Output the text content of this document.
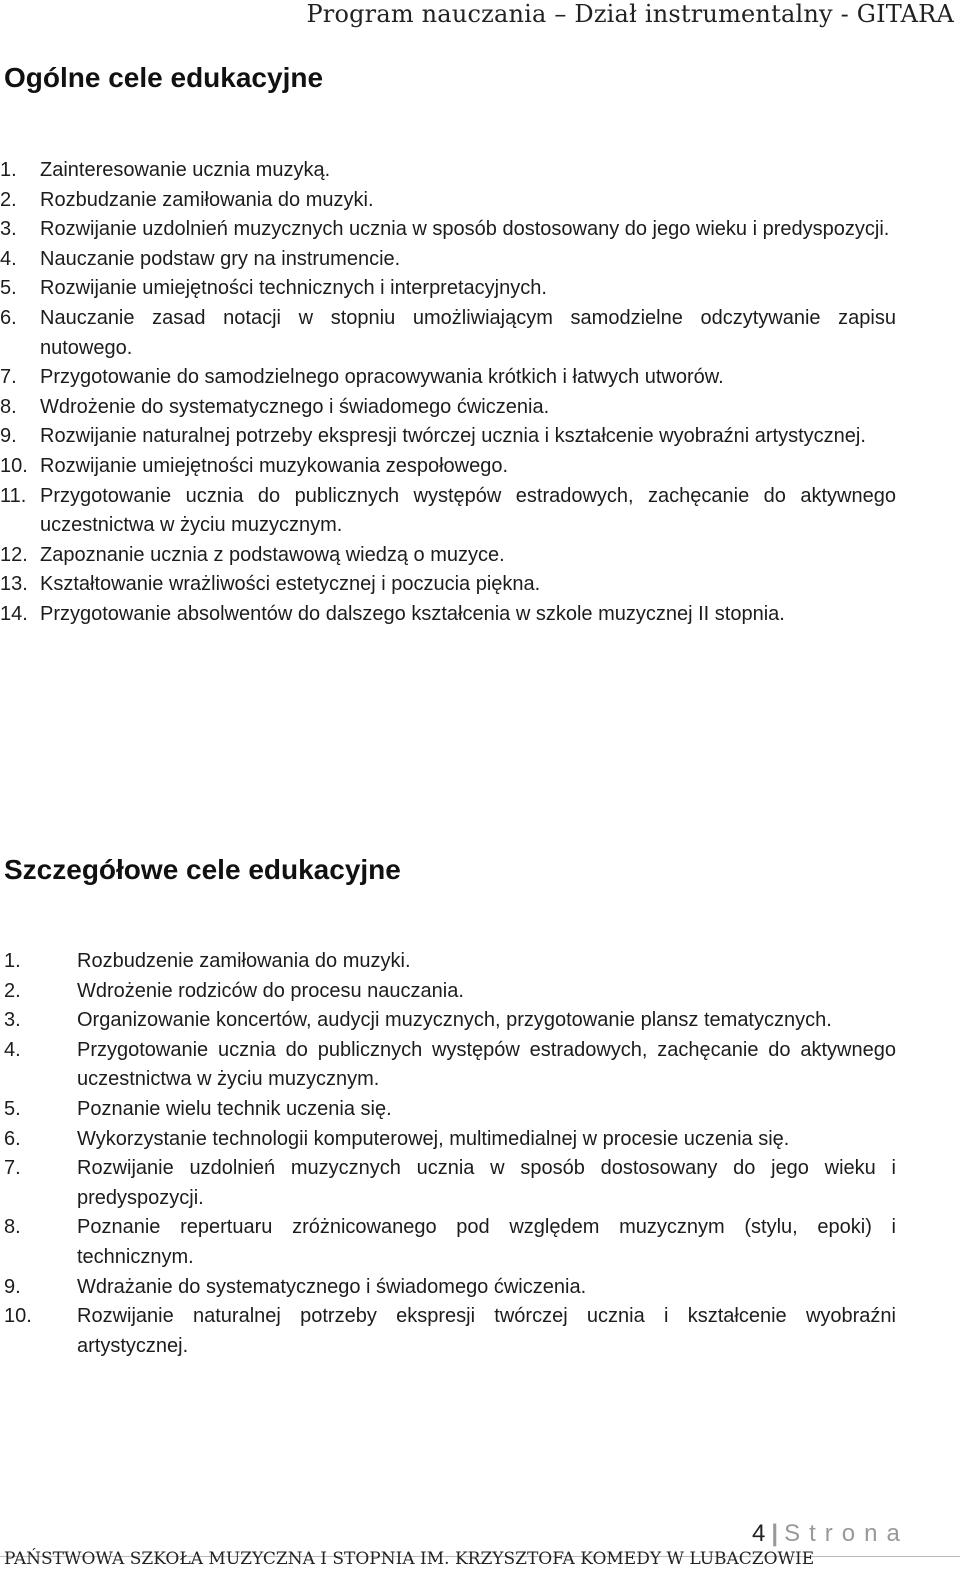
Program nauczania – Dział instrumentalny - GITARA
Ogólne cele edukacyjne
1. Zainteresowanie ucznia muzyką.
2. Rozbudzanie zamiłowania do muzyki.
3. Rozwijanie uzdolnień muzycznych ucznia w sposób dostosowany do jego wieku i predyspozycji.
4. Nauczanie podstaw gry na instrumencie.
5. Rozwijanie umiejętności technicznych i interpretacyjnych.
6. Nauczanie zasad notacji w stopniu umożliwiającym samodzielne odczytywanie zapisu nutowego.
7. Przygotowanie do samodzielnego opracowywania krótkich i łatwych utworów.
8. Wdrożenie do systematycznego i świadomego ćwiczenia.
9. Rozwijanie naturalnej potrzeby ekspresji twórczej ucznia i kształcenie wyobraźni artystycznej.
10. Rozwijanie umiejętności muzykowania zespołowego.
11. Przygotowanie ucznia do publicznych występów estradowych, zachęcanie do aktywnego uczestnictwa w życiu muzycznym.
12. Zapoznanie ucznia z podstawową wiedzą o muzyce.
13. Kształtowanie wrażliwości estetycznej i poczucia piękna.
14. Przygotowanie absolwentów do dalszego kształcenia w szkole muzycznej II stopnia.
Szczegółowe cele edukacyjne
1.	Rozbudzenie zamiłowania do muzyki.
2.	Wdrożenie rodziców do procesu nauczania.
3.	Organizowanie koncertów, audycji muzycznych, przygotowanie plansz tematycznych.
4.	Przygotowanie ucznia do publicznych występów estradowych, zachęcanie do aktywnego uczestnictwa w życiu muzycznym.
5.	Poznanie wielu technik uczenia się.
6.	Wykorzystanie technologii komputerowej, multimedialnej w procesie uczenia się.
7.	Rozwijanie uzdolnień muzycznych ucznia w sposób dostosowany do jego wieku i predyspozycji.
8.	Poznanie repertuaru zróżnicowanego pod względem muzycznym (stylu, epoki) i technicznym.
9.	Wdrażanie do systematycznego i świadomego ćwiczenia.
10. Rozwijanie naturalnej potrzeby ekspresji twórczej ucznia i kształcenie wyobraźni artystycznej.
4 | Strona
PAŃSTWOWA SZKOŁA MUZYCZNA I STOPNIA IM. KRZYSZTOFA KOMEDY W LUBACZOWIE
